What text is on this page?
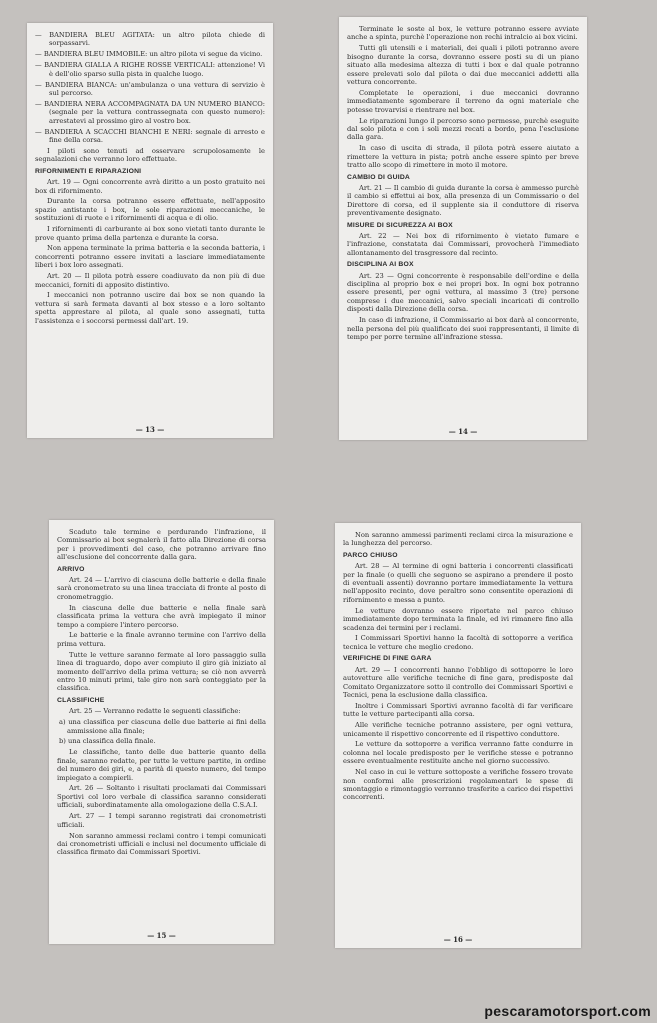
— BANDIERA BLEU AGITATA: un altro pilota chiede di sorpassarvi.
— BANDIERA BLEU IMMOBILE: un altro pilota vi segue da vicino.
— BANDIERA GIALLA A RIGHE ROSSE VERTICALI: attenzione! Vi è dell'olio sparso sulla pista in qualche luogo.
— BANDIERA BIANCA: un'ambulanza o una vettura di servizio è sul percorso.
— BANDIERA NERA ACCOMPAGNATA DA UN NUMERO BIANCO: (segnale per la vettura contrassegnata con questo numero): arrestatevi al prossimo giro al vostro box.
— BANDIERA A SCACCHI BIANCHI E NERI: segnale di arresto e fine della corsa.
I piloti sono tenuti ad osservare scrupolosamente le segnalazioni che verranno loro effettuate.
RIFORNIMENTI E RIPARAZIONI
Art. 19 — Ogni concorrente avrà diritto a un posto gratuito nei box di rifornimento.
Durante la corsa potranno essere effettuate, nell'apposito spazio antistante i box, le sole riparazioni meccaniche, le sostituzioni di ruote e i rifornimenti di acqua e di olio.
I rifornimenti di carburante ai box sono vietati tanto durante le prove quanto prima della partenza e durante la corsa.
Non appena terminate la prima batteria e la seconda batteria, i concorrenti potranno essere invitati a lasciare immediatamente liberi i box loro assegnati.
Art. 20 — Il pilota potrà essere coadiuvato da non più di due meccanici, forniti di apposito distintivo.
I meccanici non potranno uscire dai box se non quando la vettura si sarà fermata davanti al box stesso e a loro soltanto spetta apprestare al pilota, al quale sono assegnati, tutta l'assistenza e i soccorsi permessi dall'art. 19.
— 13 —
Terminate le soste al box, le vetture potranno essere avviate anche a spinta, purchè l'operazione non rechi intralcio ai box vicini.
Tutti gli utensili e i materiali, dei quali i piloti potranno avere bisogno durante la corsa, dovranno essere posti su di un piano situato alla medesima altezza di tutti i box e dal quale potranno essere prelevati solo dal pilota o dai due meccanici addetti alla vettura concorrente.
Completate le operazioni, i due meccanici dovranno immediatamente sgomberare il terreno da ogni materiale che potesse trovarvisi e rientrare nel box.
Le riparazioni lungo il percorso sono permesse, purchè eseguite dal solo pilota e con i soli mezzi recati a bordo, pena l'esclusione dalla gara.
In caso di uscita di strada, il pilota potrà essere aiutato a rimettere la vettura in pista; potrà anche essere spinto per breve tratto allo scopo di rimettere in moto il motore.
CAMBIO DI GUIDA
Art. 21 — Il cambio di guida durante la corsa è ammesso purchè il cambio si effettui ai box, alla presenza di un Commissario o del Direttore di corsa, ed il supplente sia il conduttore di riserva preventivamente designato.
MISURE DI SICUREZZA AI BOX
Art. 22 — Nei box di rifornimento è vietato fumare e l'infrazione, constatata dai Commissari, provocherà l'immediato allontanamento del trasgressore dal recinto.
DISCIPLINA AI BOX
Art. 23 — Ogni concorrente è responsabile dell'ordine e della disciplina al proprio box e nei propri box. In ogni box potranno essere presenti, per ogni vettura, al massimo 3 (tre) persone comprese i due meccanici, salvo speciali incaricati di controllo disposti dalla Direzione della corsa.
In caso di infrazione, il Commissario ai box darà al concorrente, nella persona del più qualificato dei suoi rappresentanti, il limite di tempo per porre termine all'infrazione stessa.
— 14 —
Scaduto tale termine e perdurando l'infrazione, il Commissario ai box segnalerà il fatto alla Direzione di corsa per i provvedimenti del caso, che potranno arrivare fino all'esclusione del concorrente dalla gara.
ARRIVO
Art. 24 — L'arrivo di ciascuna delle batterie e della finale sarà cronometrato su una linea tracciata di fronte al posto di cronometraggio.
In ciascuna delle due batterie e nella finale sarà classificata prima la vettura che avrà impiegato il minor tempo a compiere l'intero percorso.
Le batterie e la finale avranno termine con l'arrivo della prima vettura.
Tutte le vetture saranno fermate al loro passaggio sulla linea di traguardo, dopo aver compiuto il giro già iniziato al momento dell'arrivo della prima vettura; se ciò non avverrà entro 10 minuti primi, tale giro non sarà conteggiato per la classifica.
CLASSIFICHE
Art. 25 — Verranno redatte le seguenti classifiche:
a) una classifica per ciascuna delle due batterie ai fini della ammissione alla finale;
b) una classifica della finale.
Le classifiche, tanto delle due batterie quanto della finale, saranno redatte, per tutte le vetture partite, in ordine del numero dei giri, e, a parità di questo numero, del tempo impiegato a compierli.
Art. 26 — Soltanto i risultati proclamati dai Commissari Sportivi col loro verbale di classifica saranno considerati ufficiali, subordinatamente alla omologazione della C.S.A.I.
Art. 27 — I tempi saranno registrati dai cronometristi ufficiali.
Non saranno ammessi reclami contro i tempi comunicati dai cronometristi ufficiali e inclusi nel documento ufficiale di classifica firmato dai Commissari Sportivi.
— 15 —
Non saranno ammessi parimenti reclami circa la misurazione e la lunghezza del percorso.
PARCO CHIUSO
Art. 28 — Al termine di ogni batteria i concorrenti classificati per la finale (o quelli che seguono se aspirano a prendere il posto di eventuali assenti) dovranno portare immediatamente la vettura nell'apposito recinto, dove peraltro sono consentite operazioni di rifornimento e messa a punto.
Le vetture dovranno essere riportate nel parco chiuso immediatamente dopo terminata la finale, ed ivi rimanere fino alla scadenza dei termini per i reclami.
I Commissari Sportivi hanno la facoltà di sottoporre a verifica tecnica le vetture che meglio credono.
VERIFICHE DI FINE GARA
Art. 29 — I concorrenti hanno l'obbligo di sottoporre le loro autovetture alle verifiche tecniche di fine gara, predisposte dal Comitato Organizzatore sotto il controllo dei Commissari Sportivi e Tecnici, pena la esclusione dalla classifica.
Inoltre i Commissari Sportivi avranno facoltà di far verificare tutte le vetture partecipanti alla corsa.
Alle verifiche tecniche potranno assistere, per ogni vettura, unicamente il rispettivo concorrente ed il rispettivo conduttore.
Le vetture da sottoporre a verifica verranno fatte condurre in colonna nel locale predisposto per le verifiche stesse e potranno essere eventualmente restituite anche nel giorno successivo.
Nel caso in cui le vetture sottoposte a verifiche fossero trovate non conformi alle prescrizioni regolamentari le spese di smontaggio e rimontaggio verranno trasferite a carico dei rispettivi concorrenti.
— 16 —
pescaramotorsport.com
